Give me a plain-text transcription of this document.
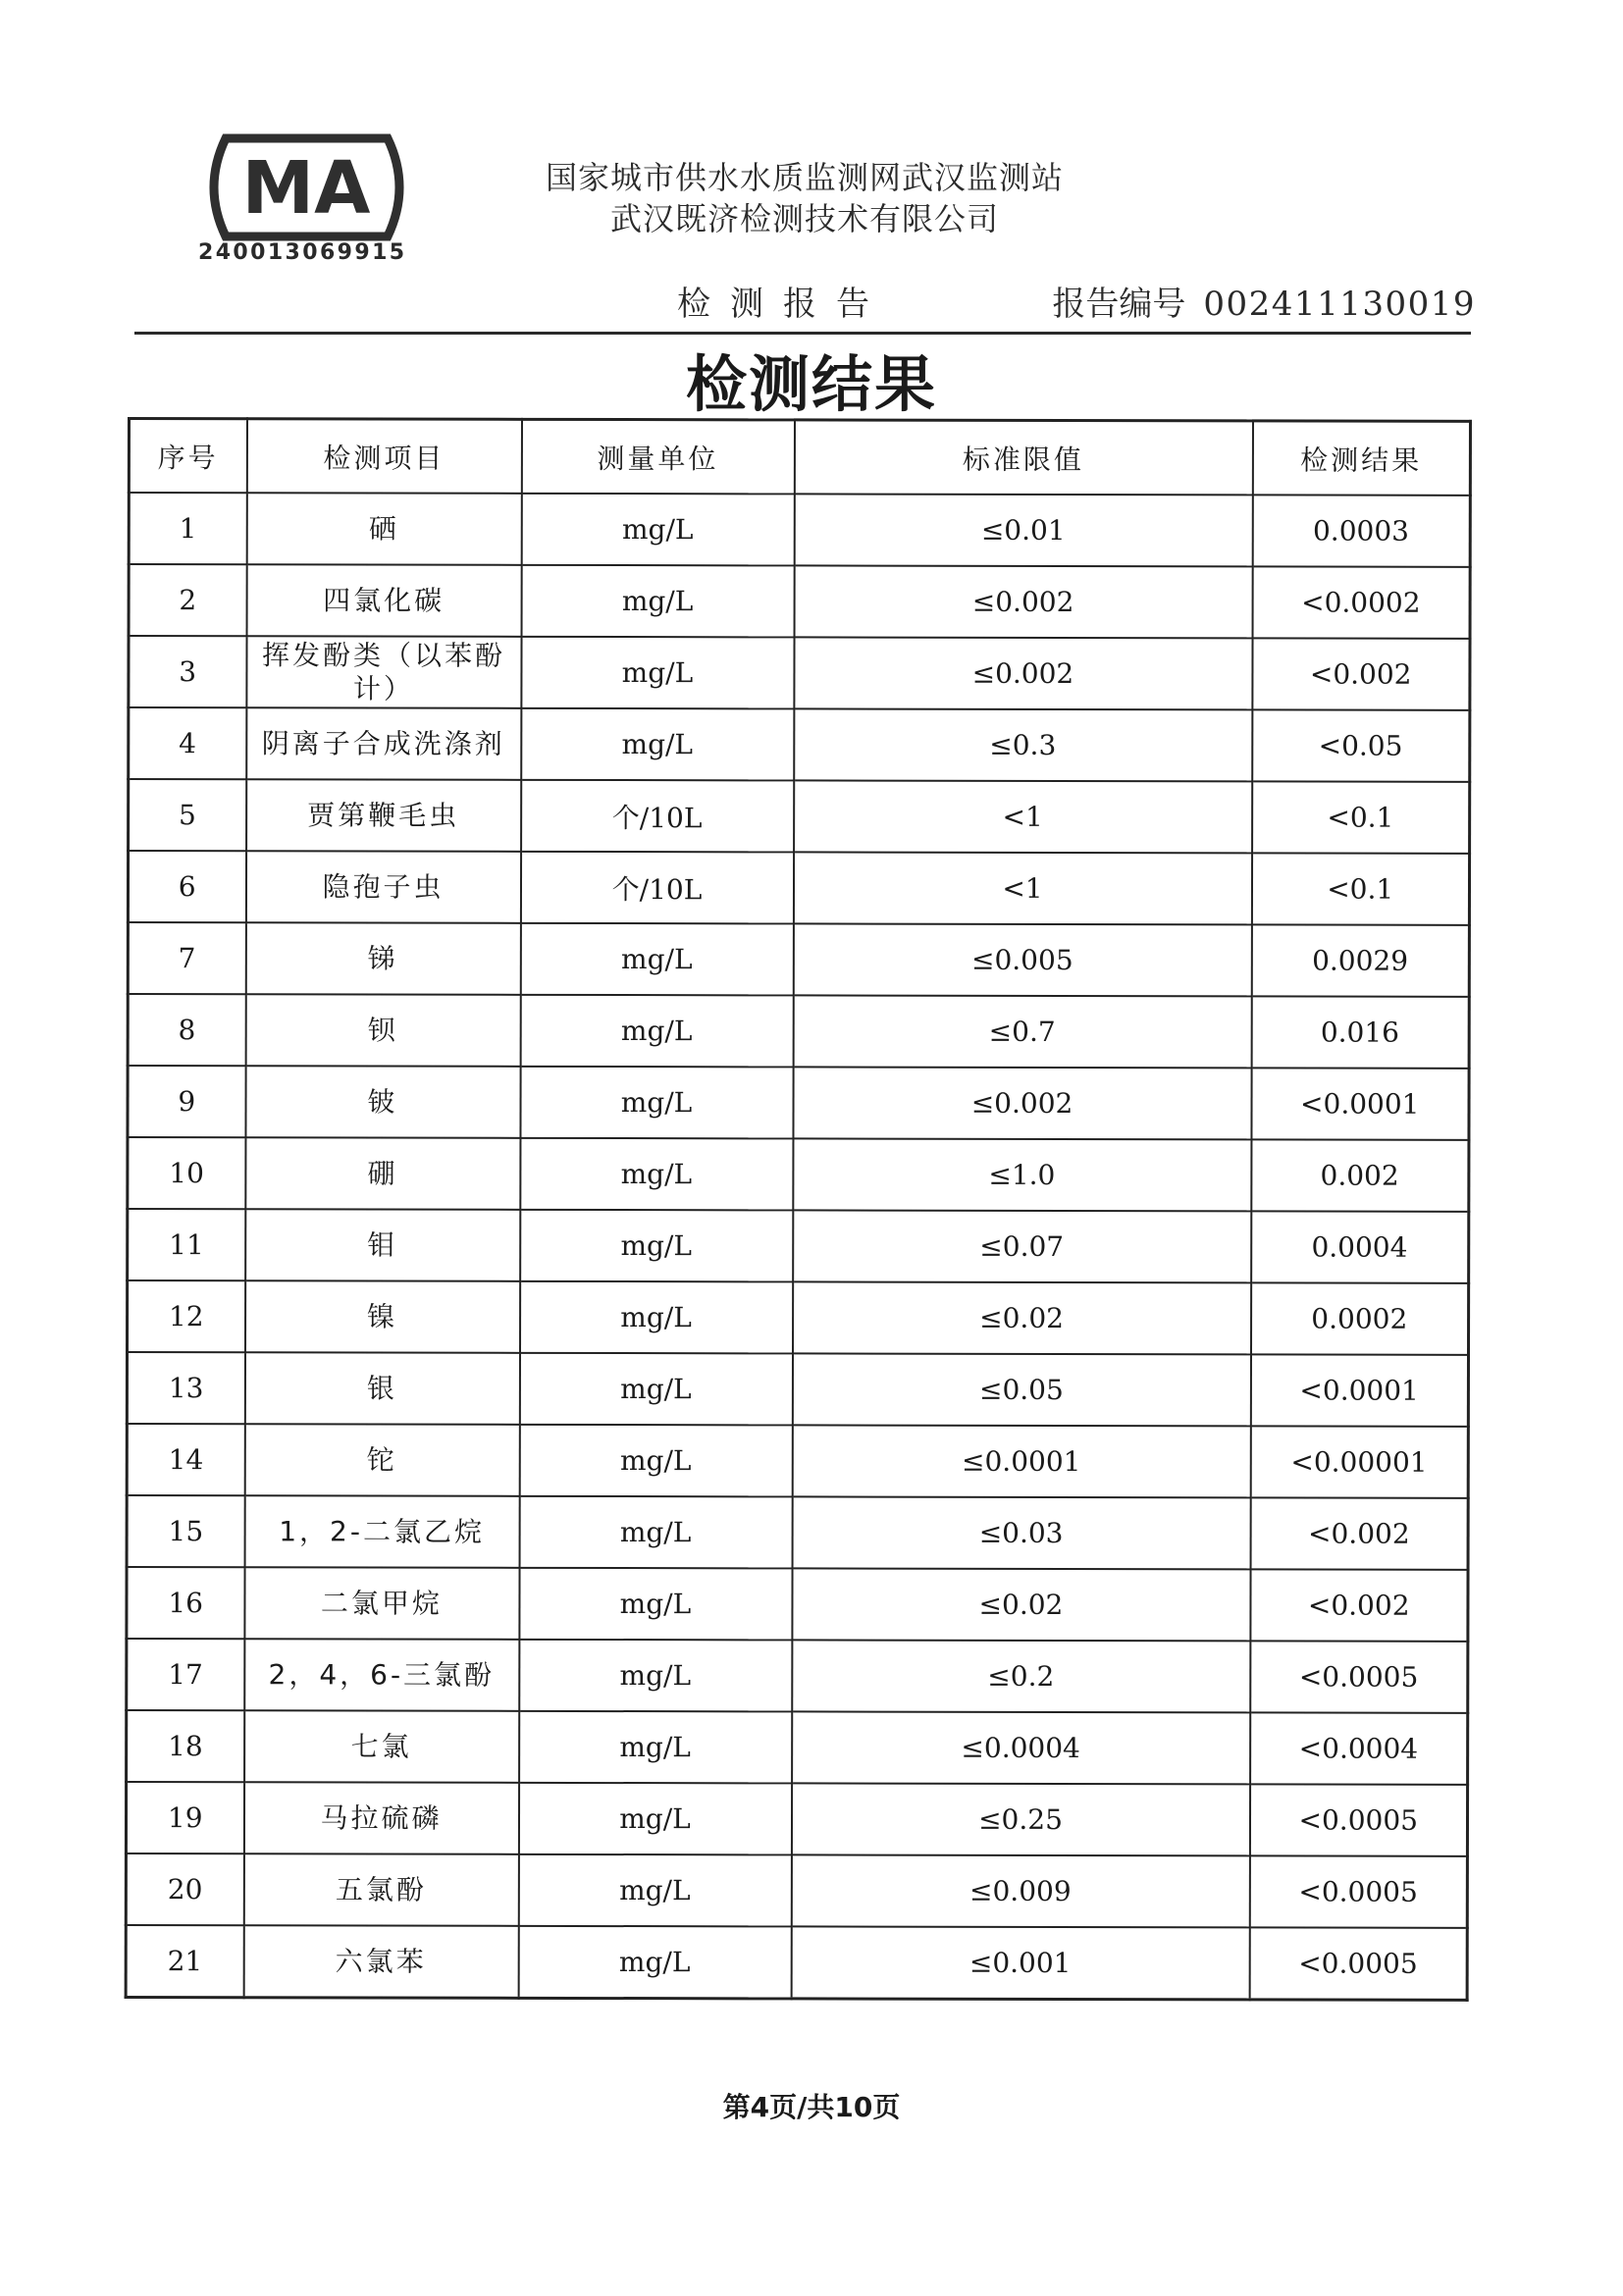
MA
240013069915
国家城市供水水质监测网武汉监测站
武汉既济检测技术有限公司
检测报告	报告编号 002411130019
检测结果
序号	检测项目	测量单位	标准限值	检测结果
1	硒	mg/L	≤0.01	0.0003
2	四氯化碳	mg/L	≤0.002	<0.0002
3	挥发酚类（以苯酚计）	mg/L	≤0.002	<0.002
4	阴离子合成洗涤剂	mg/L	≤0.3	<0.05
5	贾第鞭毛虫	个/10L	<1	<0.1
6	隐孢子虫	个/10L	<1	<0.1
7	锑	mg/L	≤0.005	0.0029
8	钡	mg/L	≤0.7	0.016
9	铍	mg/L	≤0.002	<0.0001
10	硼	mg/L	≤1.0	0.002
11	钼	mg/L	≤0.07	0.0004
12	镍	mg/L	≤0.02	0.0002
13	银	mg/L	≤0.05	<0.0001
14	铊	mg/L	≤0.0001	<0.00001
15	1，2-二氯乙烷	mg/L	≤0.03	<0.002
16	二氯甲烷	mg/L	≤0.02	<0.002
17	2，4，6-三氯酚	mg/L	≤0.2	<0.0005
18	七氯	mg/L	≤0.0004	<0.0004
19	马拉硫磷	mg/L	≤0.25	<0.0005
20	五氯酚	mg/L	≤0.009	<0.0005
21	六氯苯	mg/L	≤0.001	<0.0005
第4页/共10页
